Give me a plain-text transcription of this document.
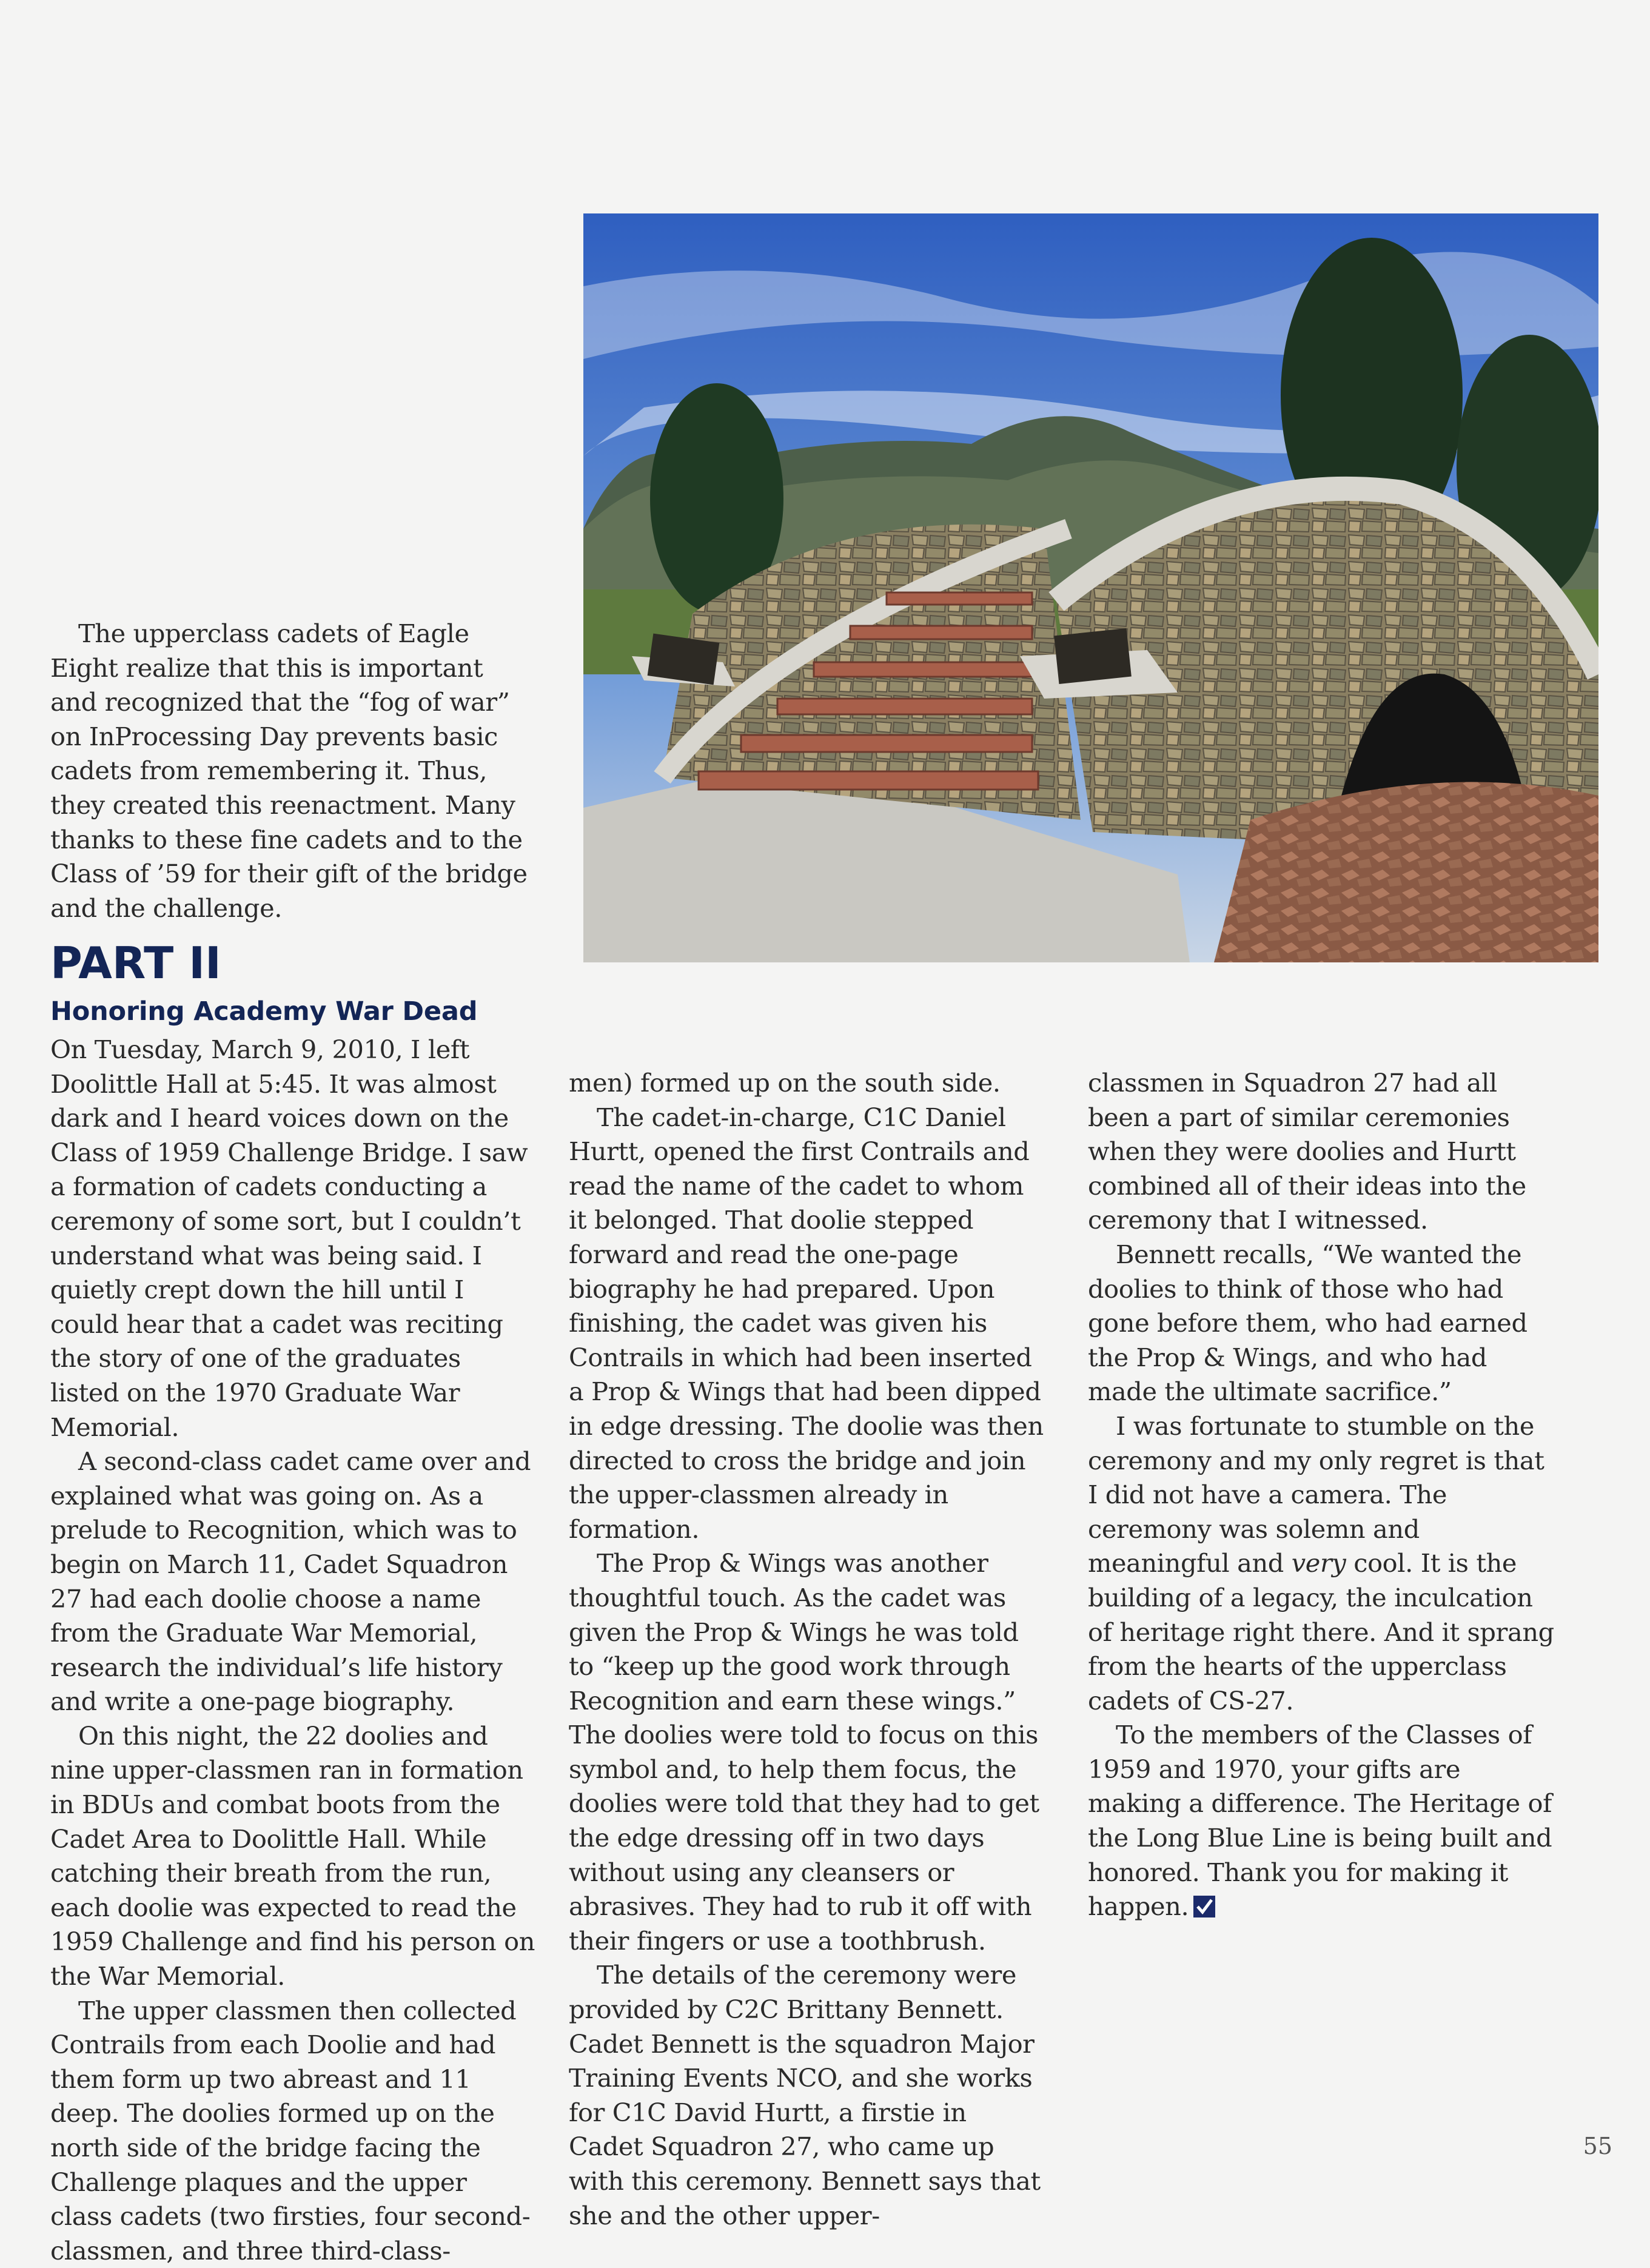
The upperclass cadets of Eagle Eight realize that this is important and recognized that the “fog of war” on InProcessing Day prevents basic cadets from remembering it. Thus, they created this reenactment. Many thanks to these fine cadets and to the Class of ’59 for their gift of the bridge and the challenge.

PART II
Honoring Academy War Dead

On Tuesday, March 9, 2010, I left Doolittle Hall at 5:45. It was almost dark and I heard voices down on the Class of 1959 Challenge Bridge. I saw a formation of cadets conducting a ceremony of some sort, but I couldn’t understand what was being said. I quietly crept down the hill until I could hear that a cadet was reciting the story of one of the graduates listed on the 1970 Graduate War Memorial.

A second-class cadet came over and explained what was going on. As a prelude to Recognition, which was to begin on March 11, Cadet Squadron 27 had each doolie choose a name from the Graduate War Memorial, research the individual’s life history and write a one-page biography.

On this night, the 22 doolies and nine upper-classmen ran in formation in BDUs and combat boots from the Cadet Area to Doolittle Hall. While catching their breath from the run, each doolie was expected to read the 1959 Challenge and find his person on the War Memorial.

The upper classmen then collected Contrails from each Doolie and had them form up two abreast and 11 deep. The doolies formed up on the north side of the bridge facing the Challenge plaques and the upper class cadets (two firsties, four second-classmen, and three third-class-

men) formed up on the south side.

The cadet-in-charge, C1C Daniel Hurtt, opened the first Contrails and read the name of the cadet to whom it belonged. That doolie stepped forward and read the one-page biography he had prepared. Upon finishing, the cadet was given his Contrails in which had been inserted a Prop & Wings that had been dipped in edge dressing. The doolie was then directed to cross the bridge and join the upper-classmen already in formation.

The Prop & Wings was another thoughtful touch. As the cadet was given the Prop & Wings he was told to “keep up the good work through Recognition and earn these wings.” The doolies were told to focus on this symbol and, to help them focus, the doolies were told that they had to get the edge dressing off in two days without using any cleansers or abrasives. They had to rub it off with their fingers or use a toothbrush.

The details of the ceremony were provided by C2C Brittany Bennett. Cadet Bennett is the squadron Major Training Events NCO, and she works for C1C David Hurtt, a firstie in Cadet Squadron 27, who came up with this ceremony. Bennett says that she and the other upper-

classmen in Squadron 27 had all been a part of similar ceremonies when they were doolies and Hurtt combined all of their ideas into the ceremony that I witnessed.

Bennett recalls, “We wanted the doolies to think of those who had gone before them, who had earned the Prop & Wings, and who had made the ultimate sacrifice.”

I was fortunate to stumble on the ceremony and my only regret is that I did not have a camera. The ceremony was solemn and meaningful and very cool. It is the building of a legacy, the inculcation of heritage right there. And it sprang from the hearts of the upperclass cadets of CS-27.

To the members of the Classes of 1959 and 1970, your gifts are making a difference. The Heritage of the Long Blue Line is being built and honored. Thank you for making it happen.

55
